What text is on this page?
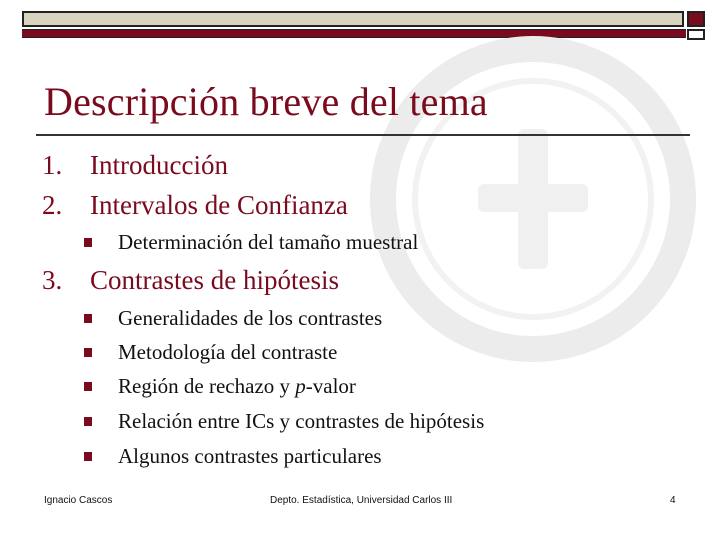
Descripción breve del tema
1. Introducción
2. Intervalos de Confianza
Determinación del tamaño muestral
3. Contrastes de hipótesis
Generalidades de los contrastes
Metodología del contraste
Región de rechazo y p-valor
Relación entre ICs y contrastes de hipótesis
Algunos contrastes particulares
Ignacio Cascos	Depto. Estadística, Universidad Carlos III	4
